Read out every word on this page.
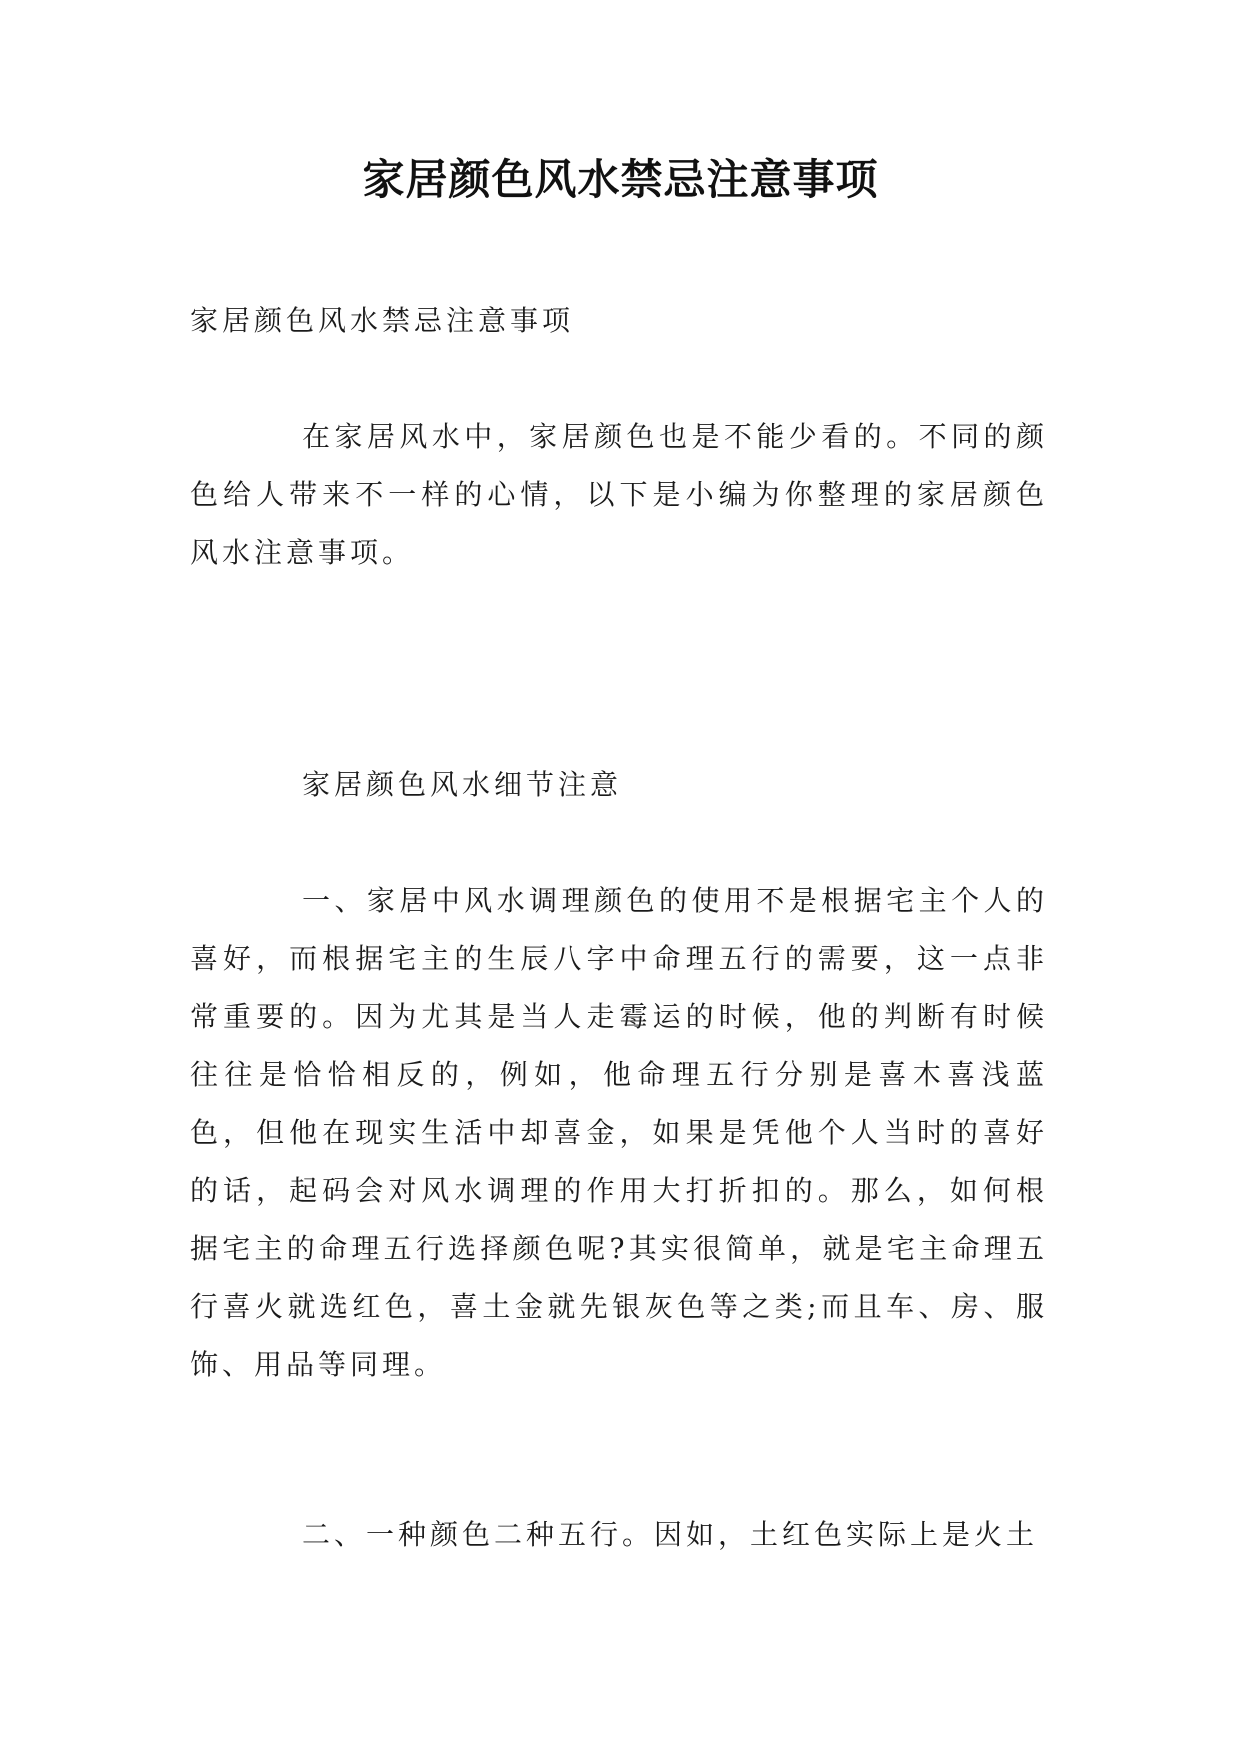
家居颜色风水禁忌注意事项

家居颜色风水禁忌注意事项

在家居风水中，家居颜色也是不能少看的。不同的颜色给人带来不一样的心情，以下是小编为你整理的家居颜色风水注意事项。

家居颜色风水细节注意

一、家居中风水调理颜色的使用不是根据宅主个人的喜好，而根据宅主的生辰八字中命理五行的需要，这一点非常重要的。因为尤其是当人走霉运的时候，他的判断有时候往往是恰恰相反的，例如，他命理五行分别是喜木喜浅蓝色，但他在现实生活中却喜金，如果是凭他个人当时的喜好的话，起码会对风水调理的作用大打折扣的。那么，如何根据宅主的命理五行选择颜色呢?其实很简单，就是宅主命理五行喜火就选红色，喜土金就先银灰色等之类;而且车、房、服饰、用品等同理。

二、一种颜色二种五行。因如，土红色实际上是火土
